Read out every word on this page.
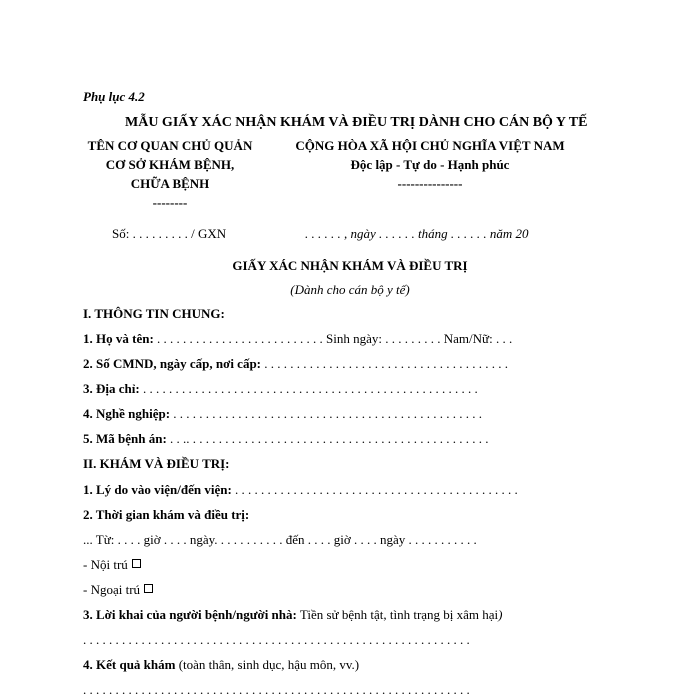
Phụ lục 4.2
MẪU GIẤY XÁC NHẬN KHÁM VÀ ĐIỀU TRỊ DÀNH CHO CÁN BỘ Y TẾ
TÊN CƠ QUAN CHỦ QUẢN
CƠ SỞ KHÁM BỆNH,
CHỮA BỆNH
--------
CỘNG HÒA XÃ HỘI CHỦ NGHĨA VIỆT NAM
Độc lập - Tự do - Hạnh phúc
---------------
Số: . . . . . . . . . / GXN	. . . . . . , ngày . . . . . . tháng . . . . . . năm 20
GIẤY XÁC NHẬN KHÁM VÀ ĐIỀU TRỊ
(Dành cho cán bộ y tế)
I. THÔNG TIN CHUNG:
1. Họ và tên: . . . . . . . . . . . . . . . . . . . . . . . . . . Sinh ngày: . . . . . . . . . Nam/Nữ: . . .
2. Số CMND, ngày cấp, nơi cấp: . . . . . . . . . . . . . . . . . . . . . . . . . . . . . . . . . . . . . .
3. Địa chỉ: . . . . . . . . . . . . . . . . . . . . . . . . . . . . . . . . . . . . . . . . . . . . . . . . . . . .
4. Nghề nghiệp: . . . . . . . . . . . . . . . . . . . . . . . . . . . . . . . . . . . . . . . . . . . . . . . .
5. Mã bệnh án: . . .. . . . . . . . . . . . . . . . . . . . . . . . . . . . . . . . . . . . . . . . . . . . . . .
II. KHÁM VÀ ĐIỀU TRỊ:
1. Lý do vào viện/đến viện: . . . . . . . . . . . . . . . . . . . . . . . . . . . . . . . . . . . . . . . . . . . .
2. Thời gian khám và điều trị:
... Từ: . . . . giờ . . . . ngày. . . . . . . . . . . đến . . . . giờ . . . . ngày . . . . . . . . . . .
- Nội trú
- Ngoại trú
3. Lời khai của người bệnh/người nhà: Tiền sử bệnh tật, tình trạng bị xâm hại)
. . . . . . . . . . . . . . . . . . . . . . . . . . . . . . . . . . . . . . . . . . . . . . . . . . . . . . . . . . . .
4. Kết quả khám (toàn thân, sinh dục, hậu môn, vv.)
. . . . . . . . . . . . . . . . . . . . . . . . . . . . . . . . . . . . . . . . . . . . . . . . . . . . . . . . . . . .
